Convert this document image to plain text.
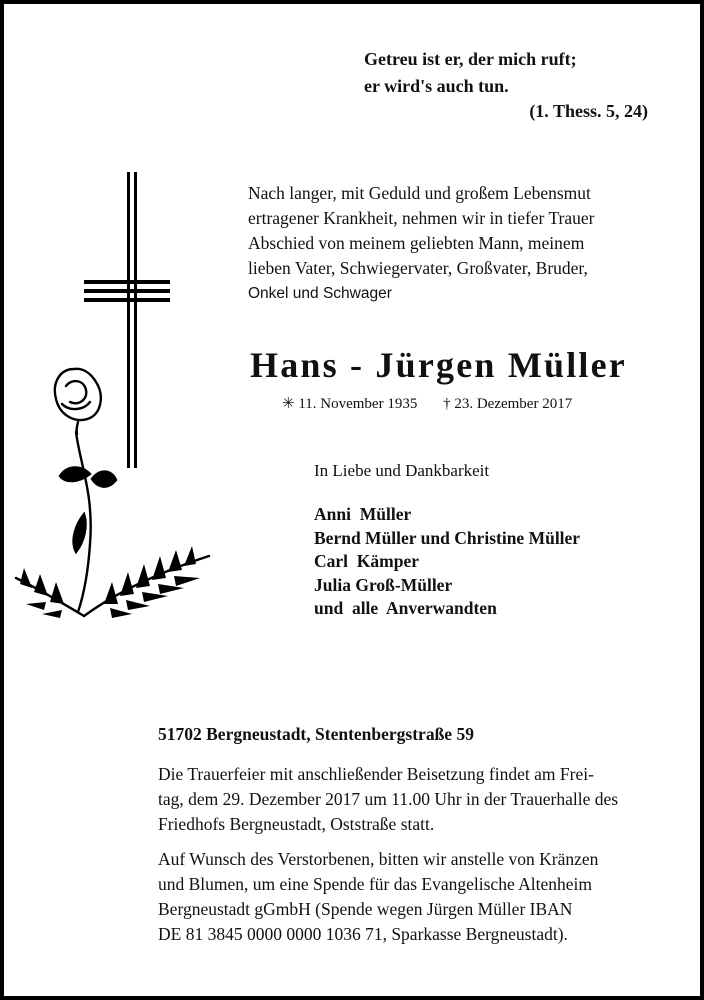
Getreu ist er, der mich ruft;
er wird's auch tun.
(1. Thess. 5, 24)
Nach langer, mit Geduld und großem Lebensmut
ertragener Krankheit, nehmen wir in tiefer Trauer
Abschied von meinem geliebten Mann, meinem
lieben Vater, Schwiegervater, Großvater, Bruder,
Onkel und Schwager
Hans - Jürgen Müller
✳ 11. November 1935 † 23. Dezember 2017
In Liebe und Dankbarkeit
Anni  Müller
Bernd Müller und Christine Müller
Carl  Kämper
Julia Groß-Müller
und  alle  Anverwandten
51702 Bergneustadt, Stentenbergstraße 59
Die Trauerfeier mit anschließender Beisetzung findet am Frei-
tag, dem 29. Dezember 2017 um 11.00 Uhr in der Trauerhalle des
Friedhofs Bergneustadt, Oststraße statt.
Auf Wunsch des Verstorbenen, bitten wir anstelle von Kränzen
und Blumen, um eine Spende für das Evangelische Altenheim
Bergneustadt gGmbH (Spende wegen Jürgen Müller IBAN
DE 81 3845 0000 0000 1036 71, Sparkasse Bergneustadt).
